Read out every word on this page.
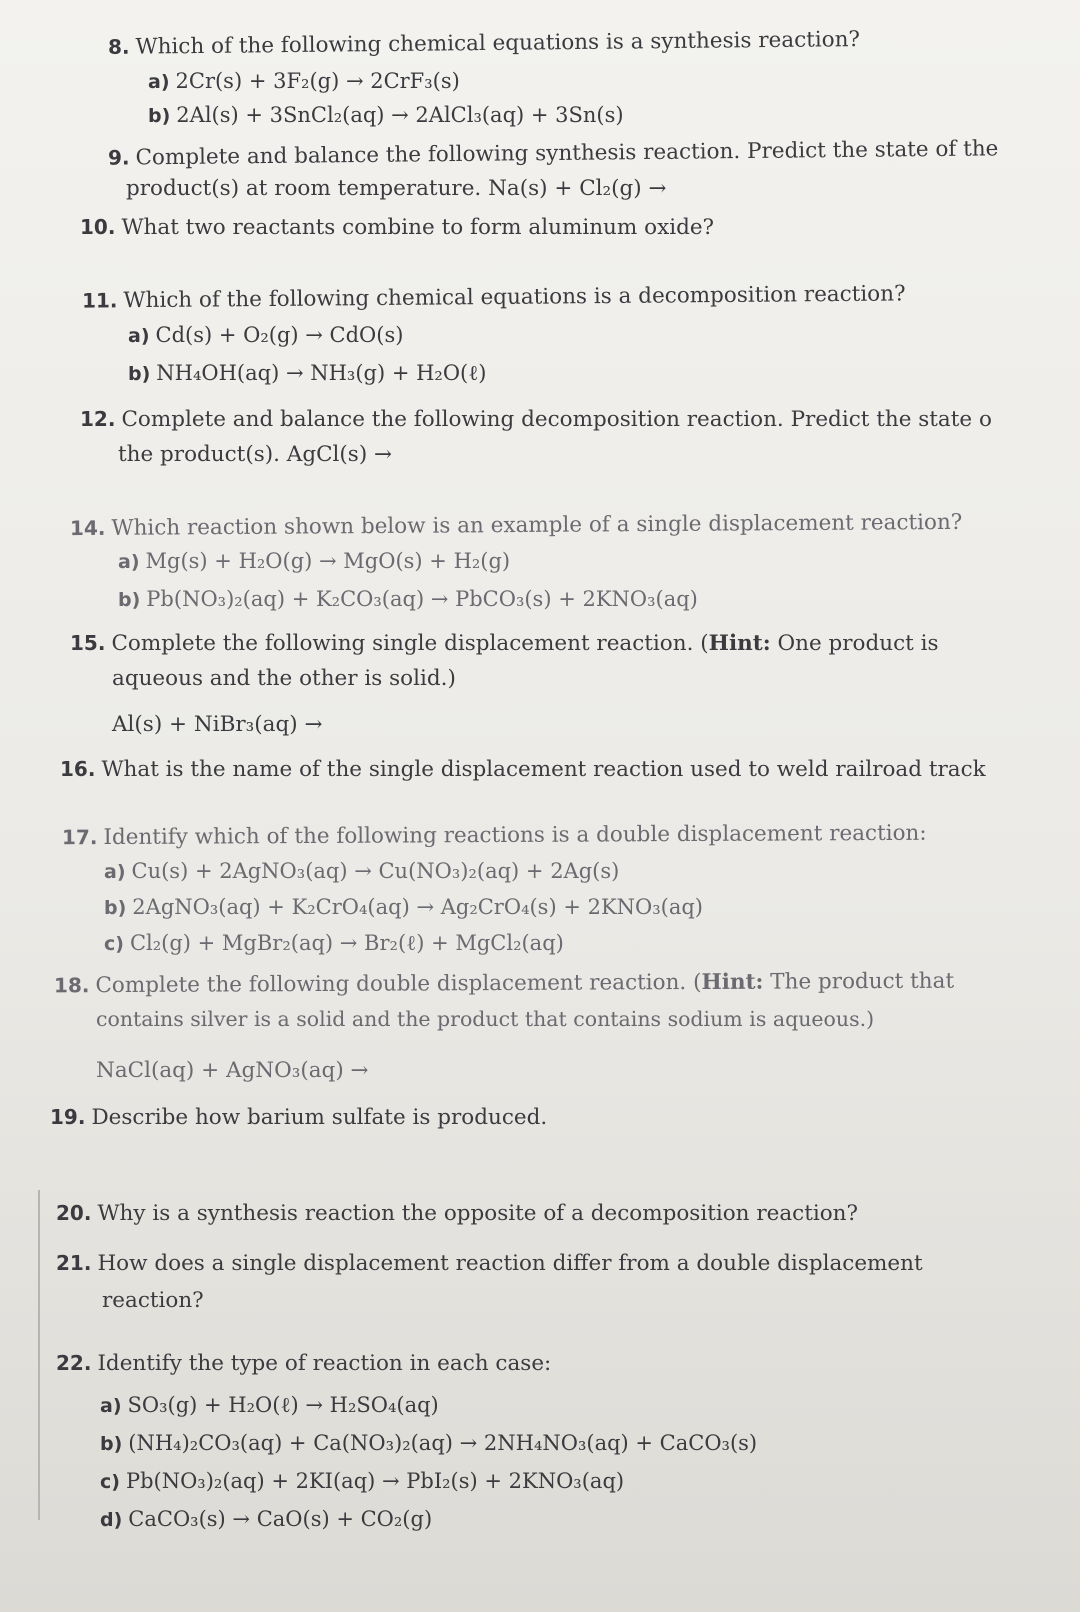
8. Which of the following chemical equations is a synthesis reaction?
a) 2Cr(s) + 3F₂(g) → 2CrF₃(s)
b) 2Al(s) + 3SnCl₂(aq) → 2AlCl₃(aq) + 3Sn(s)
9. Complete and balance the following synthesis reaction. Predict the state of the
product(s) at room temperature. Na(s) + Cl₂(g) →
10. What two reactants combine to form aluminum oxide?
11. Which of the following chemical equations is a decomposition reaction?
a) Cd(s) + O₂(g) → CdO(s)
b) NH₄OH(aq) → NH₃(g) + H₂O(ℓ)
12. Complete and balance the following decomposition reaction. Predict the state o
the product(s). AgCl(s) →
14. Which reaction shown below is an example of a single displacement reaction?
a) Mg(s) + H₂O(g) → MgO(s) + H₂(g)
b) Pb(NO₃)₂(aq) + K₂CO₃(aq) → PbCO₃(s) + 2KNO₃(aq)
15. Complete the following single displacement reaction. (Hint: One product is
aqueous and the other is solid.)
Al(s) + NiBr₃(aq) →
16. What is the name of the single displacement reaction used to weld railroad track
17. Identify which of the following reactions is a double displacement reaction:
a) Cu(s) + 2AgNO₃(aq) → Cu(NO₃)₂(aq) + 2Ag(s)
b) 2AgNO₃(aq) + K₂CrO₄(aq) → Ag₂CrO₄(s) + 2KNO₃(aq)
c) Cl₂(g) + MgBr₂(aq) → Br₂(ℓ) + MgCl₂(aq)
18. Complete the following double displacement reaction. (Hint: The product that
contains silver is a solid and the product that contains sodium is aqueous.)
NaCl(aq) + AgNO₃(aq) →
19. Describe how barium sulfate is produced.
20. Why is a synthesis reaction the opposite of a decomposition reaction?
21. How does a single displacement reaction differ from a double displacement
reaction?
22. Identify the type of reaction in each case:
a) SO₃(g) + H₂O(ℓ) → H₂SO₄(aq)
b) (NH₄)₂CO₃(aq) + Ca(NO₃)₂(aq) → 2NH₄NO₃(aq) + CaCO₃(s)
c) Pb(NO₃)₂(aq) + 2KI(aq) → PbI₂(s) + 2KNO₃(aq)
d) CaCO₃(s) → CaO(s) + CO₂(g)
